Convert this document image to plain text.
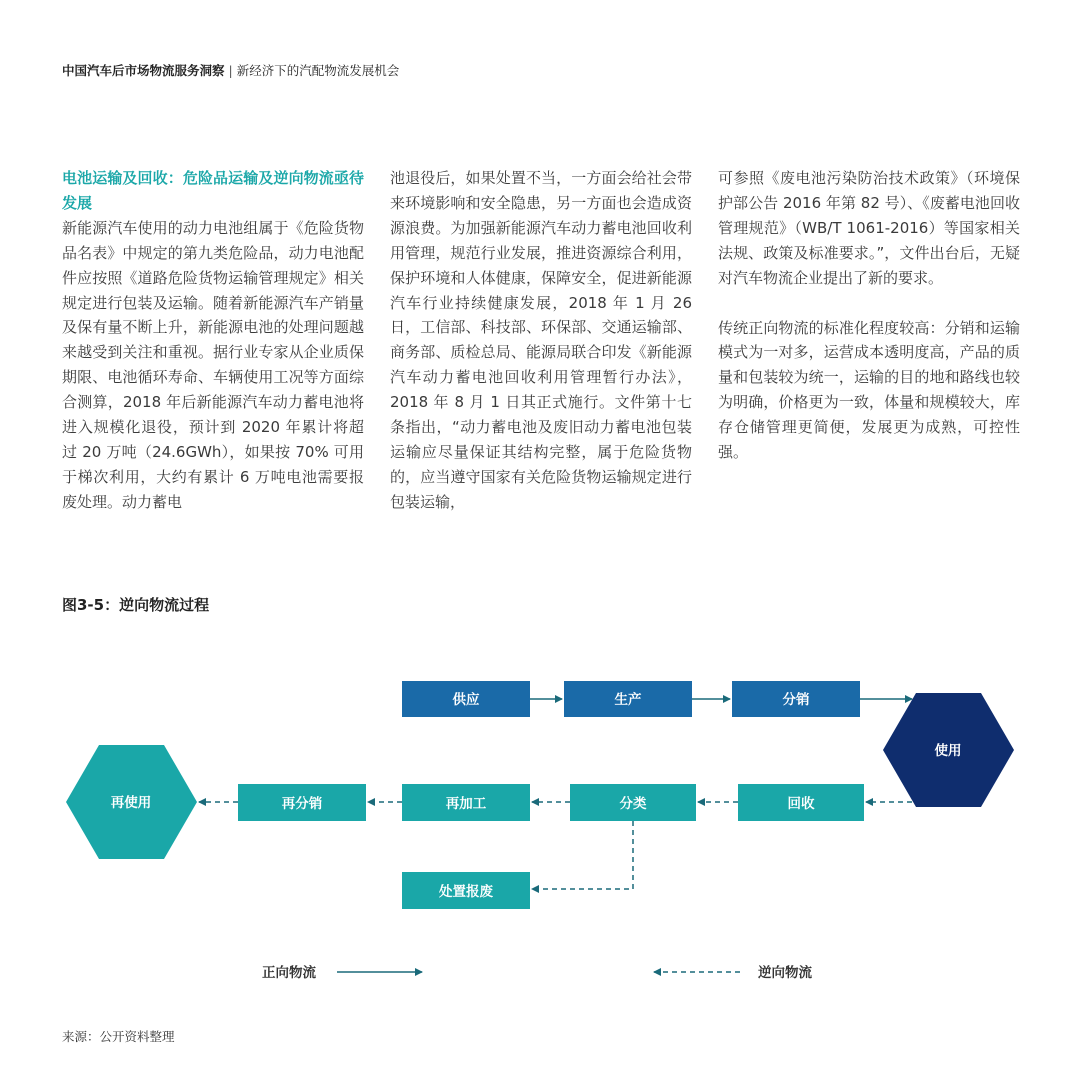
中国汽车后市场物流服务洞察 | 新经济下的汽配物流发展机会

电池运输及回收：危险品运输及逆向物流亟待发展

新能源汽车使用的动力电池组属于《危险货物品名表》中规定的第九类危险品，动力电池配件应按照《道路危险货物运输管理规定》相关规定进行包装及运输。随着新能源汽车产销量及保有量不断上升，新能源电池的处理问题越来越受到关注和重视。据行业专家从企业质保期限、电池循环寿命、车辆使用工况等方面综合测算，2018 年后新能源汽车动力蓄电池将进入规模化退役，预计到 2020 年累计将超过 20 万吨（24.6GWh），如果按 70% 可用于梯次利用，大约有累计 6 万吨电池需要报废处理。动力蓄电

池退役后，如果处置不当，一方面会给社会带来环境影响和安全隐患，另一方面也会造成资源浪费。为加强新能源汽车动力蓄电池回收利用管理，规范行业发展，推进资源综合利用，保护环境和人体健康，保障安全，促进新能源汽车行业持续健康发展，2018 年 1 月 26 日，工信部、科技部、环保部、交通运输部、商务部、质检总局、能源局联合印发《新能源汽车动力蓄电池回收利用管理暂行办法》，2018 年 8 月 1 日其正式施行。文件第十七条指出，“动力蓄电池及废旧动力蓄电池包装运输应尽量保证其结构完整，属于危险货物的，应当遵守国家有关危险货物运输规定进行包装运输，

可参照《废电池污染防治技术政策》（环境保护部公告 2016 年第 82 号）、《废蓄电池回收管理规范》（WB/T 1061-2016）等国家相关法规、政策及标准要求。”，文件出台后，无疑对汽车物流企业提出了新的要求。

传统正向物流的标准化程度较高：分销和运输模式为一对多，运营成本透明度高，产品的质量和包装较为统一，运输的目的地和路线也较为明确，价格更为一致，体量和规模较大，库存仓储管理更简便，发展更为成熟，可控性强。

图3-5：逆向物流过程
供应	生产	分销
使用
回收
分类
再加工
再分销
再使用
处置报废
正向物流	逆向物流
来源：公开资料整理
